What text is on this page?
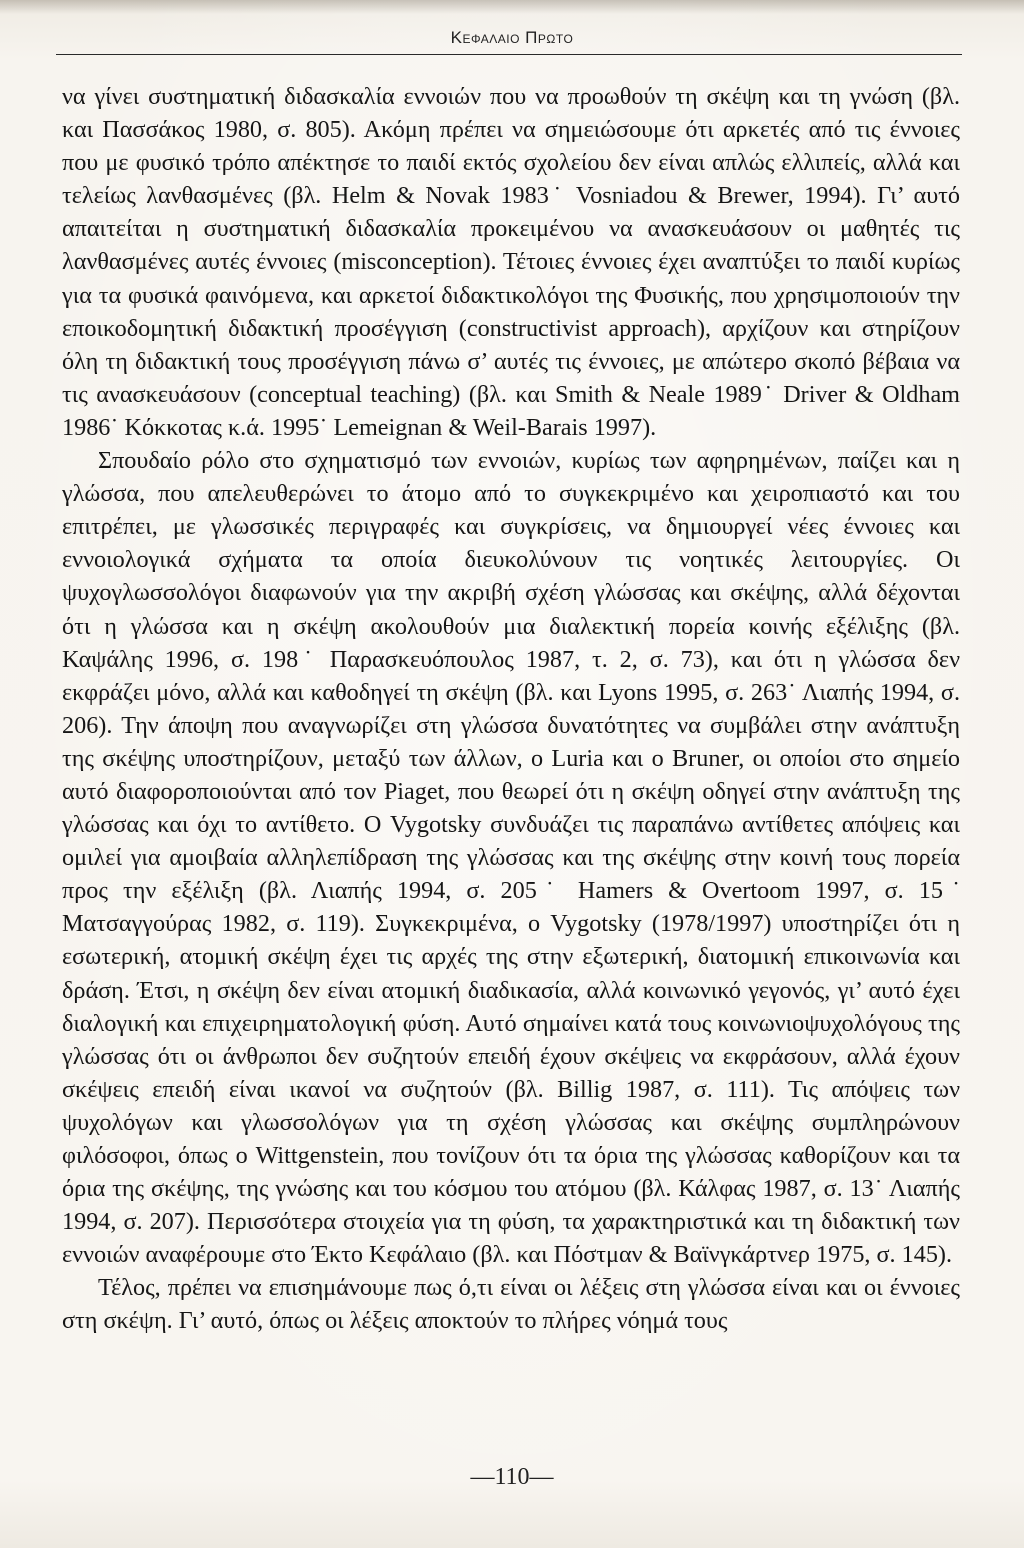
Κεφαλαιο Πρωτο

να γίνει συστηματική διδασκαλία εννοιών που να προωθούν τη σκέψη και τη γνώση (βλ. και Πασσάκος 1980, σ. 805). Ακόμη πρέπει να σημειώσουμε ότι αρκετές από τις έννοιες που με φυσικό τρόπο απέκτησε το παιδί εκτός σχολείου δεν είναι απλώς ελλιπείς, αλλά και τελείως λανθασμένες (βλ. Helm & Novak 1983˙ Vosniadou & Brewer, 1994). Γι’ αυτό απαιτείται η συστηματική διδασκαλία προκειμένου να ανασκευάσουν οι μαθητές τις λανθασμένες αυτές έννοιες (misconception). Τέτοιες έννοιες έχει αναπτύξει το παιδί κυρίως για τα φυσικά φαινόμενα, και αρκετοί διδακτικολόγοι της Φυσικής, που χρησιμοποιούν την εποικοδομητική διδακτική προσέγγιση (constructivist approach), αρχίζουν και στηρίζουν όλη τη διδακτική τους προσέγγιση πάνω σ’ αυτές τις έννοιες, με απώτερο σκοπό βέβαια να τις ανασκευάσουν (conceptual teaching) (βλ. και Smith & Neale 1989˙ Driver & Oldham 1986˙ Κόκκοτας κ.ά. 1995˙ Lemeignan & Weil-Barais 1997).

Σπουδαίο ρόλο στο σχηματισμό των εννοιών, κυρίως των αφηρημένων, παίζει και η γλώσσα, που απελευθερώνει το άτομο από το συγκεκριμένο και χειροπιαστό και του επιτρέπει, με γλωσσικές περιγραφές και συγκρίσεις, να δημιουργεί νέες έννοιες και εννοιολογικά σχήματα τα οποία διευκολύνουν τις νοητικές λειτουργίες. Οι ψυχογλωσσολόγοι διαφωνούν για την ακριβή σχέση γλώσσας και σκέψης, αλλά δέχονται ότι η γλώσσα και η σκέψη ακολουθούν μια διαλεκτική πορεία κοινής εξέλιξης (βλ. Καψάλης 1996, σ. 198˙ Παρασκευόπουλος 1987, τ. 2, σ. 73), και ότι η γλώσσα δεν εκφράζει μόνο, αλλά και καθοδηγεί τη σκέψη (βλ. και Lyons 1995, σ. 263˙ Λιαπής 1994, σ. 206). Την άποψη που αναγνωρίζει στη γλώσσα δυνατότητες να συμβάλει στην ανάπτυξη της σκέψης υποστηρίζουν, μεταξύ των άλλων, ο Luria και ο Bruner, οι οποίοι στο σημείο αυτό διαφοροποιούνται από τον Piaget, που θεωρεί ότι η σκέψη οδηγεί στην ανάπτυξη της γλώσσας και όχι το αντίθετο. Ο Vygotsky συνδυάζει τις παραπάνω αντίθετες απόψεις και ομιλεί για αμοιβαία αλληλεπίδραση της γλώσσας και της σκέψης στην κοινή τους πορεία προς την εξέλιξη (βλ. Λιαπής 1994, σ. 205˙ Hamers & Overtoom 1997, σ. 15˙ Ματσαγγούρας 1982, σ. 119). Συγκεκριμένα, ο Vygotsky (1978/1997) υποστηρίζει ότι η εσωτερική, ατομική σκέψη έχει τις αρχές της στην εξωτερική, διατομική επικοινωνία και δράση. Έτσι, η σκέψη δεν είναι ατομική διαδικασία, αλλά κοινωνικό γεγονός, γι’ αυτό έχει διαλογική και επιχειρηματολογική φύση. Αυτό σημαίνει κατά τους κοινωνιοψυχολόγους της γλώσσας ότι οι άνθρωποι δεν συζητούν επειδή έχουν σκέψεις να εκφράσουν, αλλά έχουν σκέψεις επειδή είναι ικανοί να συζητούν (βλ. Billig 1987, σ. 111). Τις απόψεις των ψυχολόγων και γλωσσολόγων για τη σχέση γλώσσας και σκέψης συμπληρώνουν φιλόσοφοι, όπως ο Wittgenstein, που τονίζουν ότι τα όρια της γλώσσας καθορίζουν και τα όρια της σκέψης, της γνώσης και του κόσμου του ατόμου (βλ. Κάλφας 1987, σ. 13˙ Λιαπής 1994, σ. 207). Περισσότερα στοιχεία για τη φύση, τα χαρακτηριστικά και τη διδακτική των εννοιών αναφέρουμε στο Έκτο Κεφάλαιο (βλ. και Πόστμαν & Βαϊνγκάρτνερ 1975, σ. 145).

Τέλος, πρέπει να επισημάνουμε πως ό,τι είναι οι λέξεις στη γλώσσα είναι και οι έννοιες στη σκέψη. Γι’ αυτό, όπως οι λέξεις αποκτούν το πλήρες νόημά τους

—110—
